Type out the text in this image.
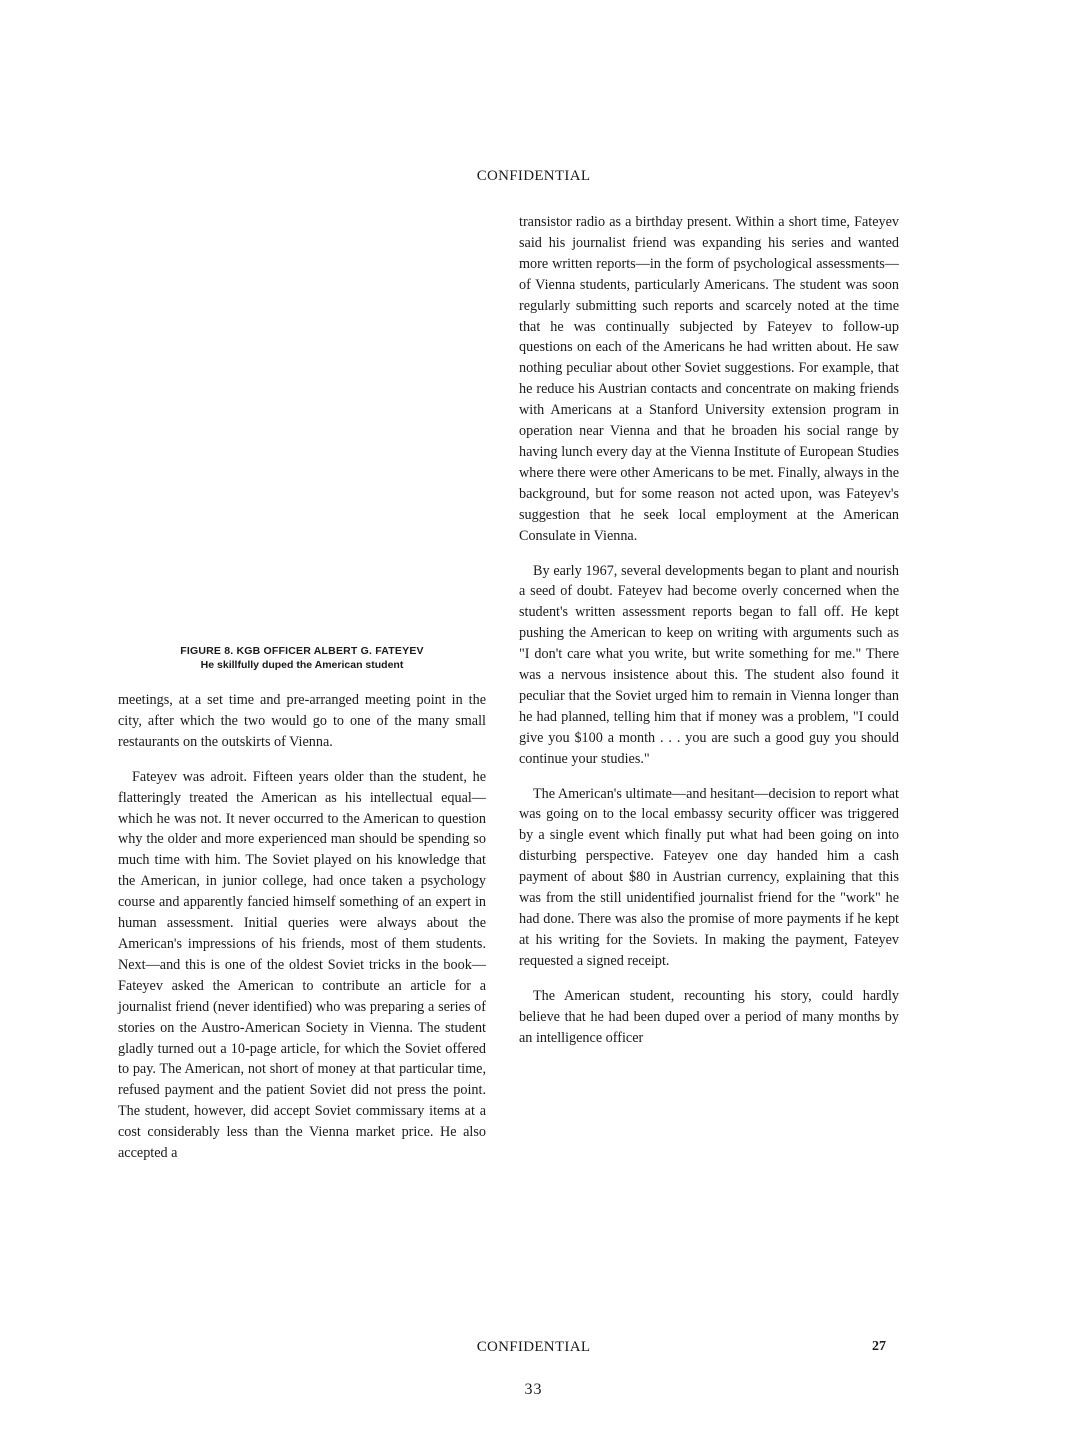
CONFIDENTIAL
FIGURE 8. KGB OFFICER ALBERT G. FATEYEV
He skillfully duped the American student

meetings, at a set time and pre-arranged meeting point in the city, after which the two would go to one of the many small restaurants on the outskirts of Vienna.

Fateyev was adroit. Fifteen years older than the student, he flatteringly treated the American as his intellectual equal—which he was not. It never occurred to the American to question why the older and more experienced man should be spending so much time with him. The Soviet played on his knowledge that the American, in junior college, had once taken a psychology course and apparently fancied himself something of an expert in human assessment. Initial queries were always about the American's impressions of his friends, most of them students. Next—and this is one of the oldest Soviet tricks in the book—Fateyev asked the American to contribute an article for a journalist friend (never identified) who was preparing a series of stories on the Austro-American Society in Vienna. The student gladly turned out a 10-page article, for which the Soviet offered to pay. The American, not short of money at that particular time, refused payment and the patient Soviet did not press the point. The student, however, did accept Soviet commissary items at a cost considerably less than the Vienna market price. He also accepted a

transistor radio as a birthday present. Within a short time, Fateyev said his journalist friend was expanding his series and wanted more written reports—in the form of psychological assessments—of Vienna students, particularly Americans. The student was soon regularly submitting such reports and scarcely noted at the time that he was continually subjected by Fateyev to follow-up questions on each of the Americans he had written about. He saw nothing peculiar about other Soviet suggestions. For example, that he reduce his Austrian contacts and concentrate on making friends with Americans at a Stanford University extension program in operation near Vienna and that he broaden his social range by having lunch every day at the Vienna Institute of European Studies where there were other Americans to be met. Finally, always in the background, but for some reason not acted upon, was Fateyev's suggestion that he seek local employment at the American Consulate in Vienna.

By early 1967, several developments began to plant and nourish a seed of doubt. Fateyev had become overly concerned when the student's written assessment reports began to fall off. He kept pushing the American to keep on writing with arguments such as "I don't care what you write, but write something for me." There was a nervous insistence about this. The student also found it peculiar that the Soviet urged him to remain in Vienna longer than he had planned, telling him that if money was a problem, "I could give you $100 a month . . . you are such a good guy you should continue your studies."

The American's ultimate—and hesitant—decision to report what was going on to the local embassy security officer was triggered by a single event which finally put what had been going on into disturbing perspective. Fateyev one day handed him a cash payment of about $80 in Austrian currency, explaining that this was from the still unidentified journalist friend for the "work" he had done. There was also the promise of more payments if he kept at his writing for the Soviets. In making the payment, Fateyev requested a signed receipt.

The American student, recounting his story, could hardly believe that he had been duped over a period of many months by an intelligence officer

CONFIDENTIAL	27
33
